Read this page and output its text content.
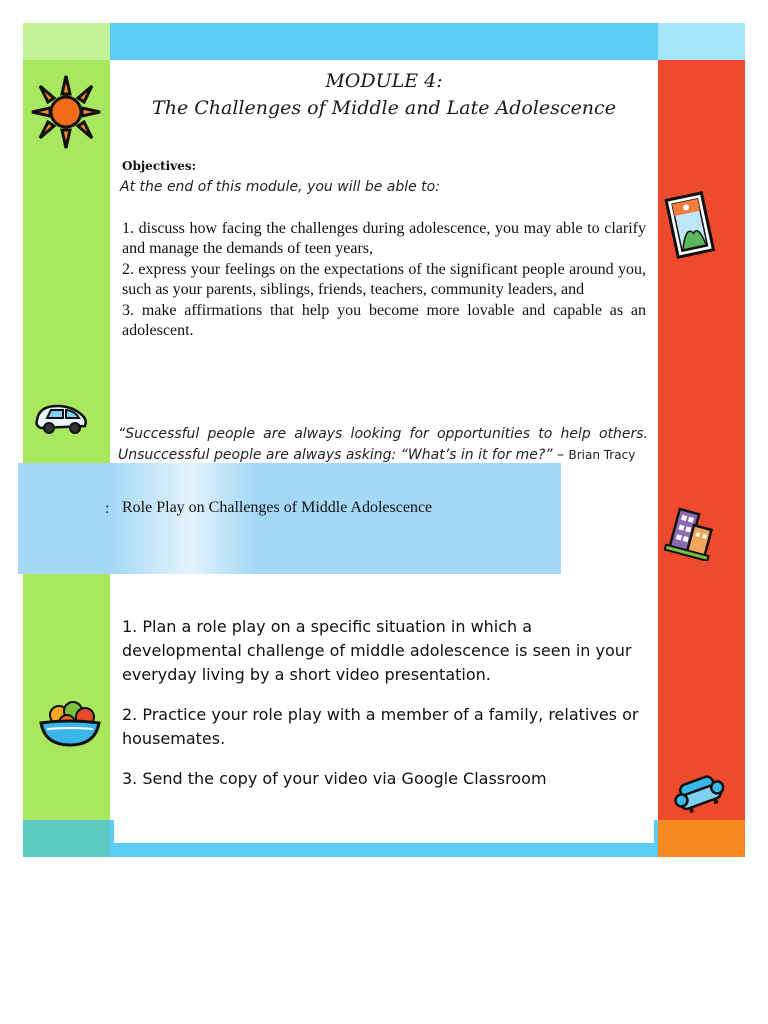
MODULE 4:
The Challenges of Middle and Late Adolescence
Objectives:
At the end of this module, you will be able to:

1. discuss how facing the challenges during adolescence, you may able to clarify and manage the demands of teen years,

2. express your feelings on the expectations of the significant people around you, such as your parents, siblings, friends, teachers, community leaders, and

3. make affirmations that help you become more lovable and capable as an adolescent.

“Successful people are always looking for opportunities to help others. Unsuccessful people are always asking: “What’s in it for me?” – Brian Tracy
: Role Play on Challenges of Middle Adolescence

1. Plan a role play on a specific situation in which a developmental challenge of middle adolescence is seen in your everyday living by a short video presentation.

2. Practice your role play with a member of a family, relatives or housemates.

3. Send the copy of your video via Google Classroom
